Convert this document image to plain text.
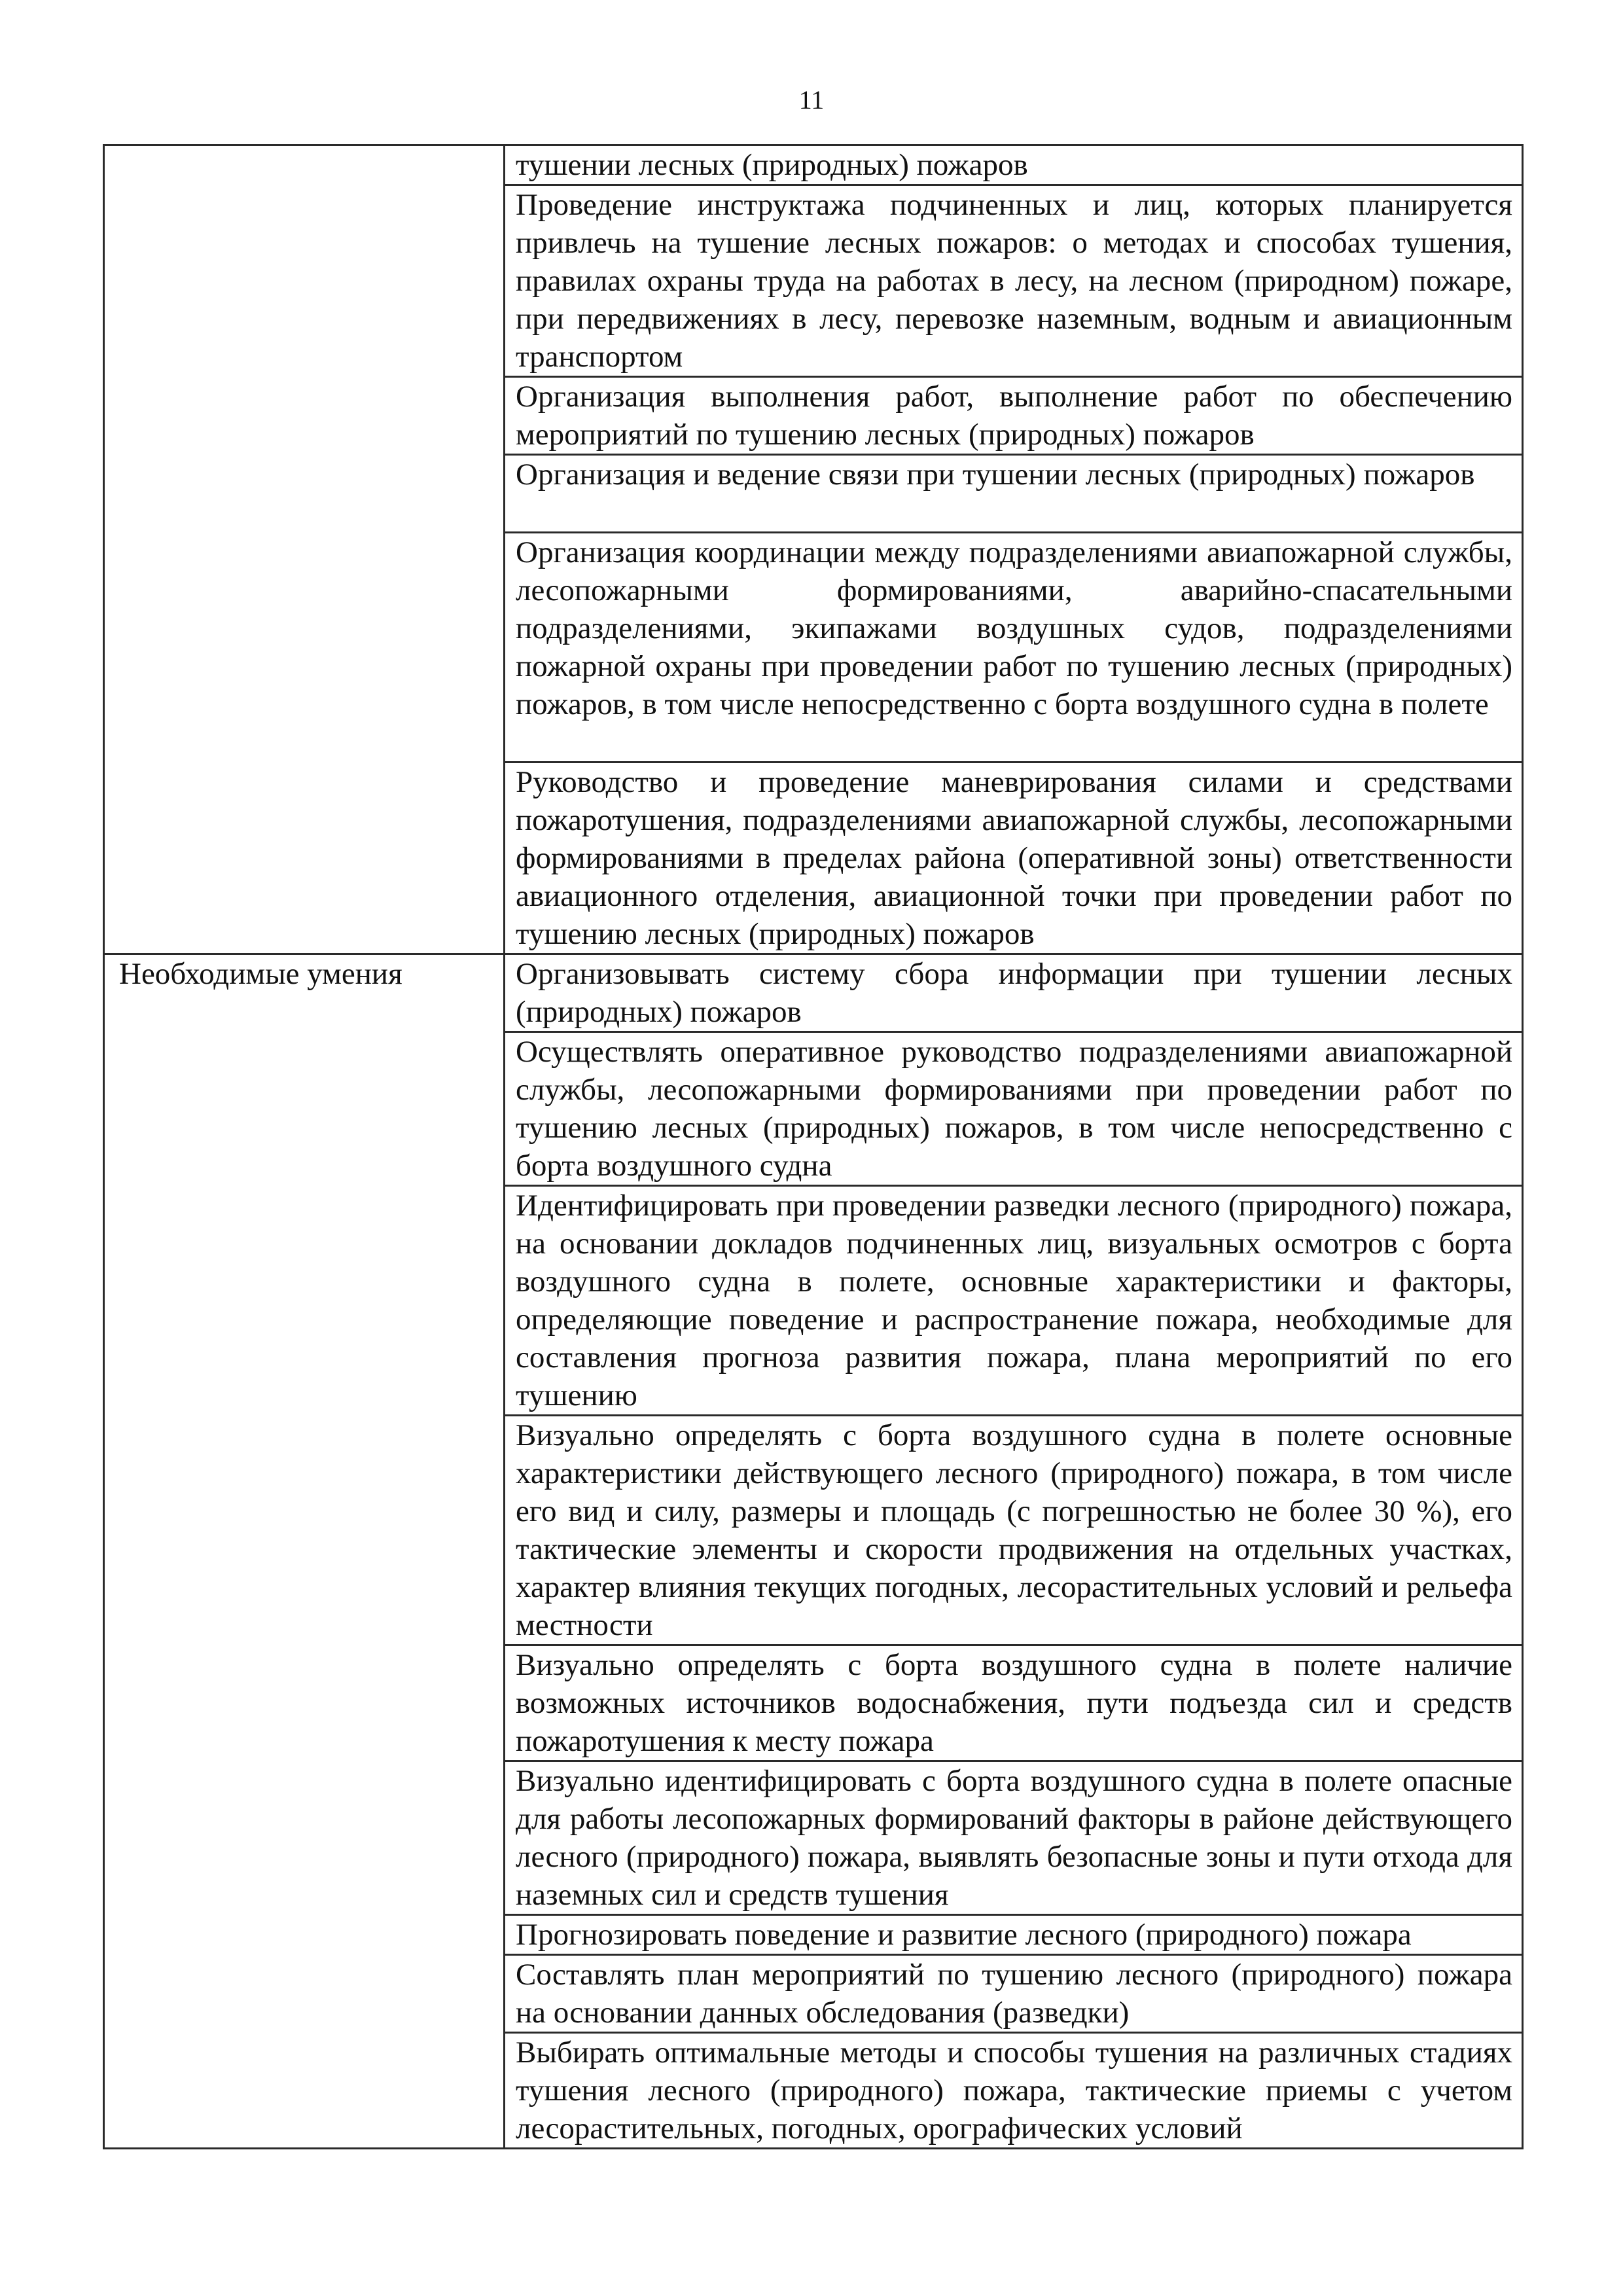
11
	тушении лесных (природных) пожаров
	Проведение инструктажа подчиненных и лиц, которых планируется привлечь на тушение лесных пожаров: о методах и способах тушения, правилах охраны труда на работах в лесу, на лесном (природном) пожаре, при передвижениях в лесу, перевозке наземным, водным и авиационным транспортом
	Организация выполнения работ, выполнение работ по обеспечению мероприятий по тушению лесных (природных) пожаров
	Организация и ведение связи при тушении лесных (природных) пожаров
	Организация координации между подразделениями авиапожарной службы, лесопожарными формированиями, аварийно-спасательными подразделениями, экипажами воздушных судов, подразделениями пожарной охраны при проведении работ по тушению лесных (природных) пожаров, в том числе непосредственно с борта воздушного судна в полете
	Руководство и проведение маневрирования силами и средствами пожаротушения, подразделениями авиапожарной службы, лесопожарными формированиями в пределах района (оперативной зоны) ответственности авиационного отделения, авиационной точки при проведении работ по тушению лесных (природных) пожаров
Необходимые умения	Организовывать систему сбора информации при тушении лесных (природных) пожаров
	Осуществлять оперативное руководство подразделениями авиапожарной службы, лесопожарными формированиями при проведении работ по тушению лесных (природных) пожаров, в том числе непосредственно с борта воздушного судна
	Идентифицировать при проведении разведки лесного (природного) пожара, на основании докладов подчиненных лиц, визуальных осмотров с борта воздушного судна в полете, основные характеристики и факторы, определяющие поведение и распространение пожара, необходимые для составления прогноза развития пожара, плана мероприятий по его тушению
	Визуально определять с борта воздушного судна в полете основные характеристики действующего лесного (природного) пожара, в том числе его вид и силу, размеры и площадь (с погрешностью не более 30 %), его тактические элементы и скорости продвижения на отдельных участках, характер влияния текущих погодных, лесорастительных условий и рельефа местности
	Визуально определять с борта воздушного судна в полете наличие возможных источников водоснабжения, пути подъезда сил и средств пожаротушения к месту пожара
	Визуально идентифицировать с борта воздушного судна в полете опасные для работы лесопожарных формирований факторы в районе действующего лесного (природного) пожара, выявлять безопасные зоны и пути отхода для наземных сил и средств тушения
	Прогнозировать поведение и развитие лесного (природного) пожара
	Составлять план мероприятий по тушению лесного (природного) пожара на основании данных обследования (разведки)
	Выбирать оптимальные методы и способы тушения на различных стадиях тушения лесного (природного) пожара, тактические приемы с учетом лесорастительных, погодных, орографических условий
